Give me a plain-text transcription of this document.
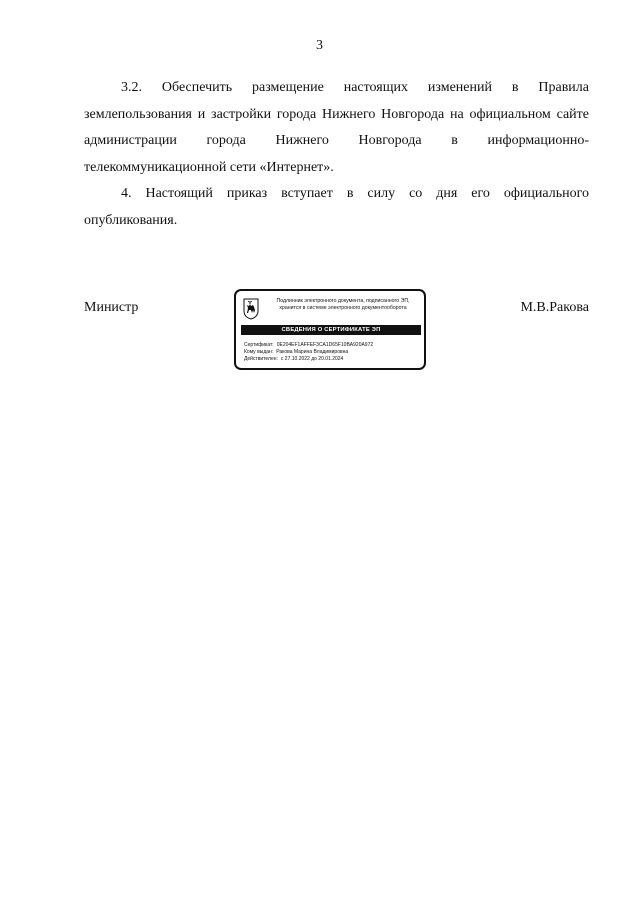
3

3.2. Обеспечить размещение настоящих изменений в Правила землепользования и застройки города Нижнего Новгорода на официальном сайте администрации города Нижнего Новгорода в информационно-телекоммуникационной сети «Интернет».

4. Настоящий приказ вступает в силу со дня его официального опубликования.

Министр	М.В.Ракова
Подлинник электронного документа, подписанного ЭП,
хранится в системе электронного документооборота
СВЕДЕНИЯ О СЕРТИФИКАТЕ ЭП
Сертификат: 0E204EF1AFFEF3CA1D65F10BA920A972
Кому выдан: Ракова Марина Владимировна
Действителен: с 27.10.2022 до 20.01.2024
